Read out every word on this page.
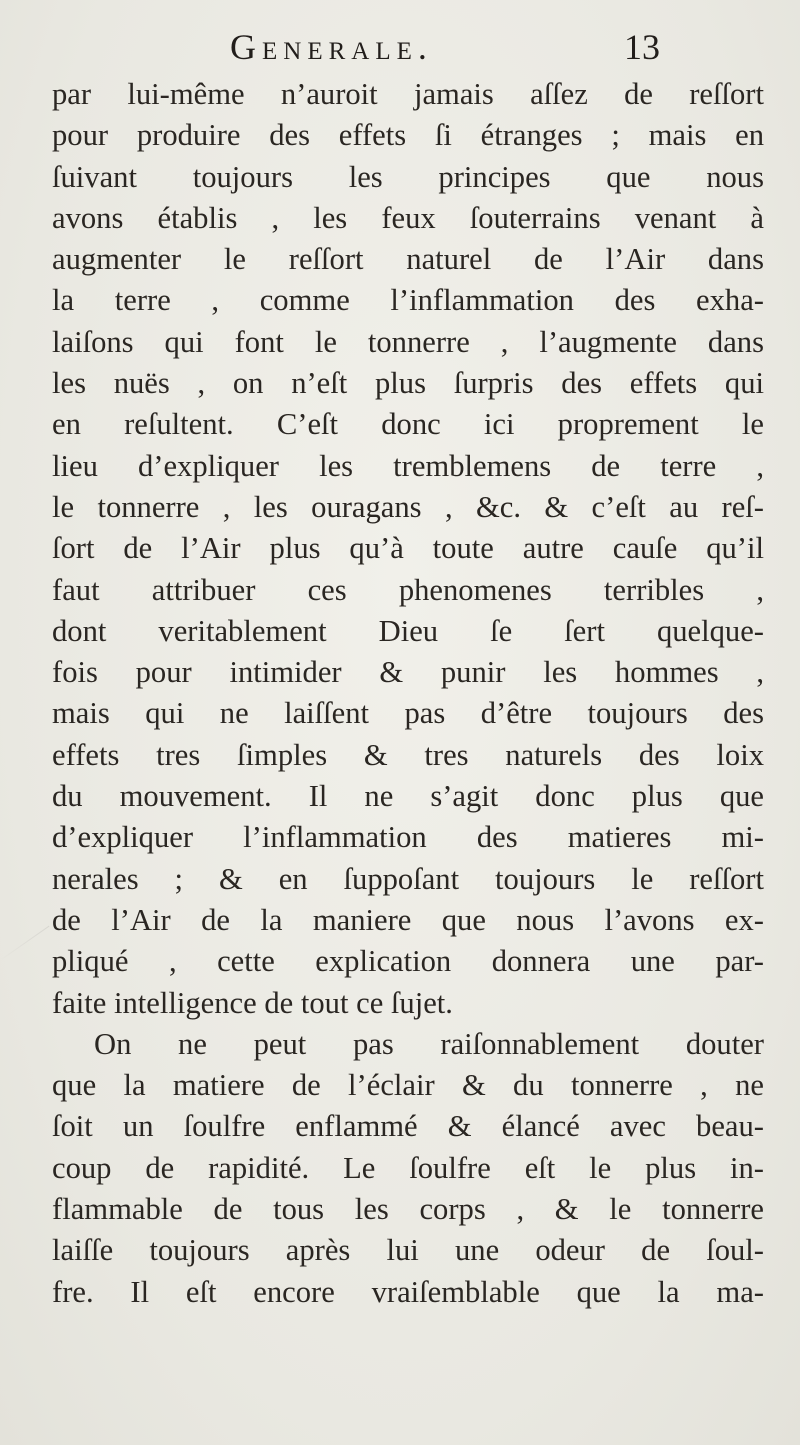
Generale.	13
par lui-même n’auroit jamais aſſez de reſſort
pour produire des effets ſi étranges ; mais en
ſuivant toujours les principes que nous
avons établis , les feux ſouterrains venant à
augmenter le reſſort naturel de l’Air dans
la terre , comme l’inflammation des exha-
laiſons qui font le tonnerre , l’augmente dans
les nuës , on n’eſt plus ſurpris des effets qui
en reſultent. C’eſt donc ici proprement le
lieu d’expliquer les tremblemens de terre ,
le tonnerre , les ouragans , &c. & c’eſt au reſ-
ſort de l’Air plus qu’à toute autre cauſe qu’il
faut attribuer ces phenomenes terribles ,
dont veritablement Dieu ſe ſert quelque-
fois pour intimider & punir les hommes ,
mais qui ne laiſſent pas d’être toujours des
effets tres ſimples & tres naturels des loix
du mouvement. Il ne s’agit donc plus que
d’expliquer l’inflammation des matieres mi-
nerales ; & en ſuppoſant toujours le reſſort
de l’Air de la maniere que nous l’avons ex-
pliqué , cette explication donnera une par-
faite intelligence de tout ce ſujet.
On ne peut pas raiſonnablement douter
que la matiere de l’éclair & du tonnerre , ne
ſoit un ſoulfre enflammé & élancé avec beau-
coup de rapidité. Le ſoulfre eſt le plus in-
flammable de tous les corps , & le tonnerre
laiſſe toujours après lui une odeur de ſoul-
fre. Il eſt encore vraiſemblable que la ma-
